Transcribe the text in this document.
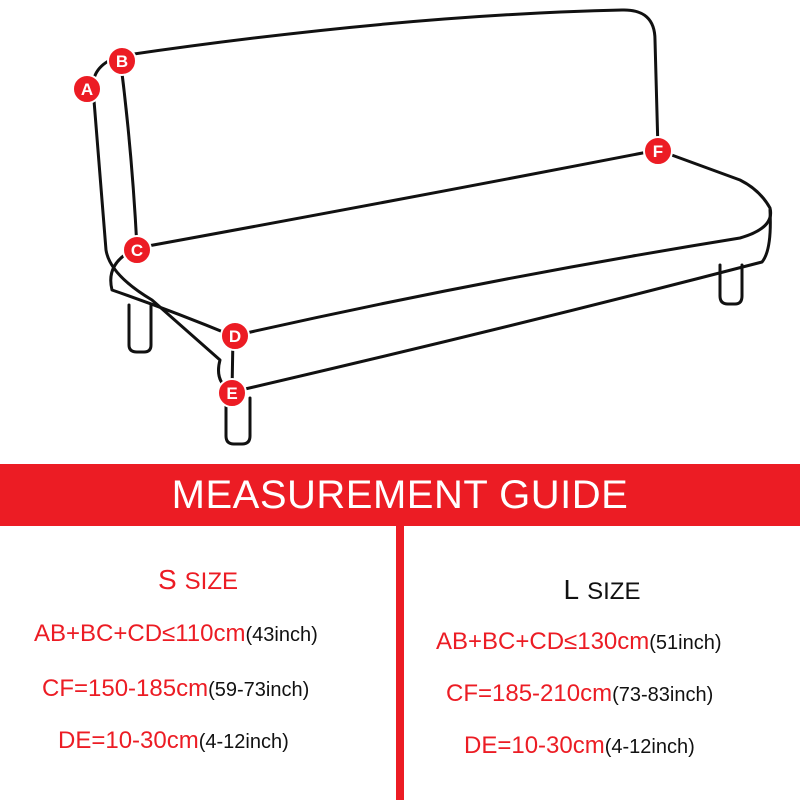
A
B
C
D
E
F
MEASUREMENT GUIDE
S SIZE
AB+BC+CD≤110cm(43inch)
CF=150-185cm(59-73inch)
DE=10-30cm(4-12inch)
L SIZE
AB+BC+CD≤130cm(51inch)
CF=185-210cm(73-83inch)
DE=10-30cm(4-12inch)
